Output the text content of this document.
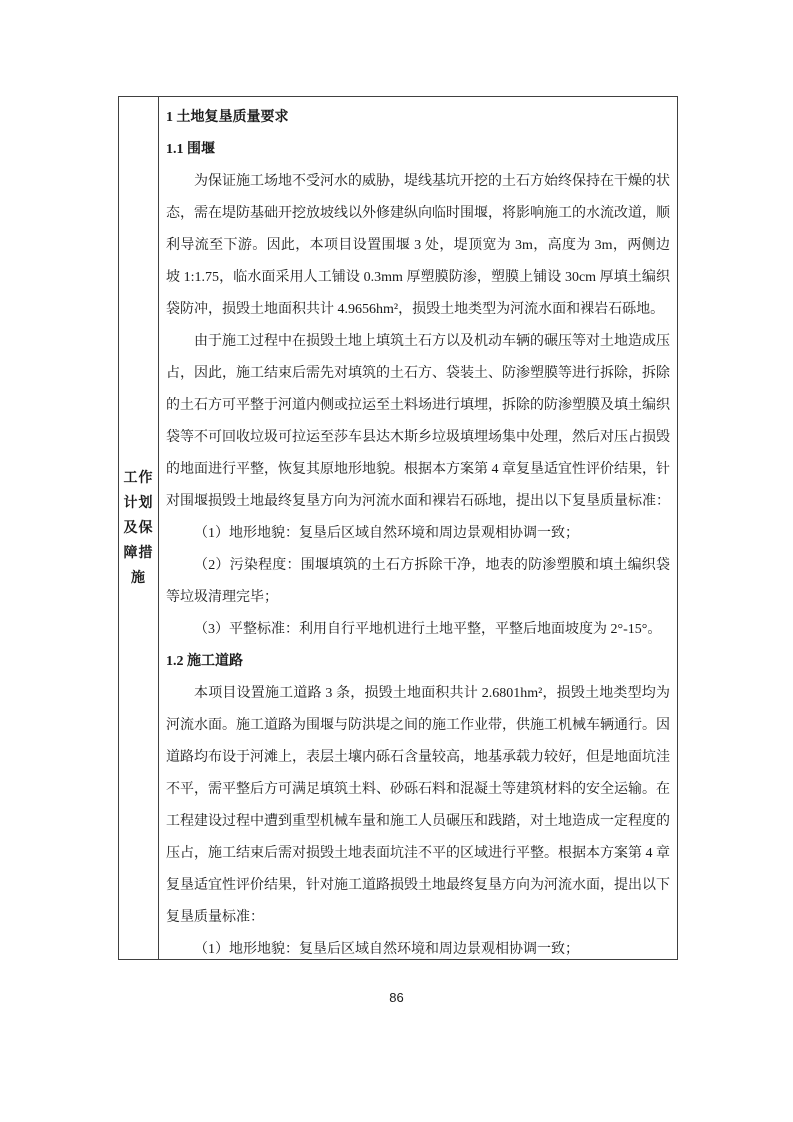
工作
计划
及保
障措
施

1 土地复垦质量要求

1.1 围堰

为保证施工场地不受河水的威胁，堤线基坑开挖的土石方始终保持在干燥的状态，需在堤防基础开挖放坡线以外修建纵向临时围堰，将影响施工的水流改道，顺利导流至下游。因此，本项目设置围堰 3 处，堤顶宽为 3m，高度为 3m，两侧边坡 1:1.75，临水面采用人工铺设 0.3mm 厚塑膜防渗，塑膜上铺设 30cm 厚填土编织袋防冲，损毁土地面积共计 4.9656hm²，损毁土地类型为河流水面和裸岩石砾地。

由于施工过程中在损毁土地上填筑土石方以及机动车辆的碾压等对土地造成压占，因此，施工结束后需先对填筑的土石方、袋装土、防渗塑膜等进行拆除，拆除的土石方可平整于河道内侧或拉运至土料场进行填埋，拆除的防渗塑膜及填土编织袋等不可回收垃圾可拉运至莎车县达木斯乡垃圾填埋场集中处理，然后对压占损毁的地面进行平整，恢复其原地形地貌。根据本方案第 4 章复垦适宜性评价结果，针对围堰损毁土地最终复垦方向为河流水面和裸岩石砾地，提出以下复垦质量标准：

（1）地形地貌：复垦后区域自然环境和周边景观相协调一致；

（2）污染程度：围堰填筑的土石方拆除干净，地表的防渗塑膜和填土编织袋等垃圾清理完毕；

（3）平整标准：利用自行平地机进行土地平整，平整后地面坡度为 2°-15°。

1.2 施工道路

本项目设置施工道路 3 条，损毁土地面积共计 2.6801hm²，损毁土地类型均为河流水面。施工道路为围堰与防洪堤之间的施工作业带，供施工机械车辆通行。因道路均布设于河滩上，表层土壤内砾石含量较高，地基承载力较好，但是地面坑洼不平，需平整后方可满足填筑土料、砂砾石料和混凝土等建筑材料的安全运输。在工程建设过程中遭到重型机械车量和施工人员碾压和践踏，对土地造成一定程度的压占，施工结束后需对损毁土地表面坑洼不平的区域进行平整。根据本方案第 4 章复垦适宜性评价结果，针对施工道路损毁土地最终复垦方向为河流水面，提出以下复垦质量标准：

（1）地形地貌：复垦后区域自然环境和周边景观相协调一致；

86
